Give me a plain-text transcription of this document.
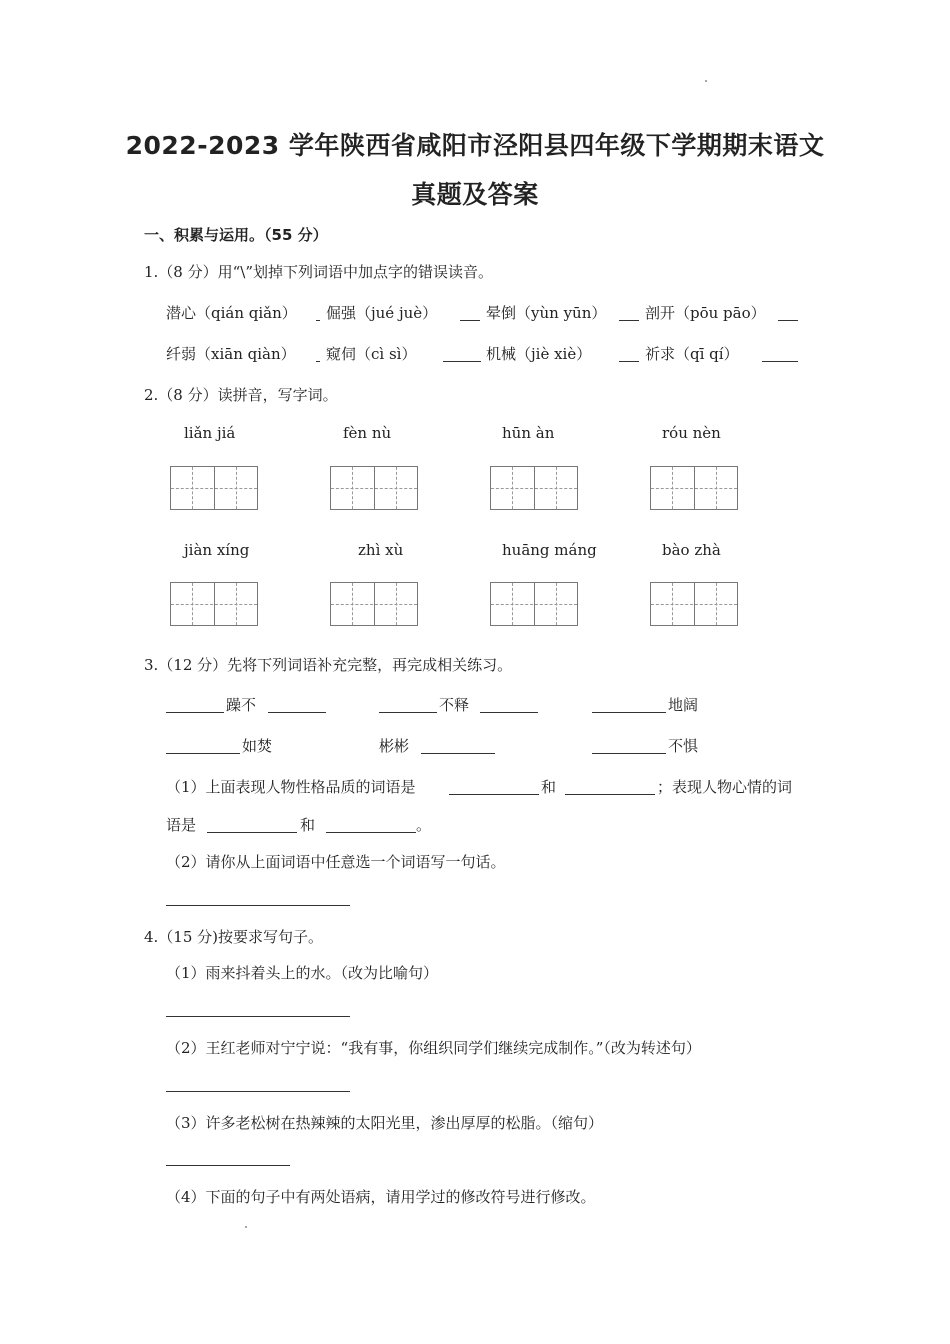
2022-2023 学年陕西省咸阳市泾阳县四年级下学期期末语文
真题及答案
一、积累与运用。（55 分）
1.（8 分）用“\”划掉下列词语中加点字的错误读音。
潜心（qián qiǎn） 倔强（jué juè）	晕倒（yùn yūn）	剖开（pōu pāo）
纤弱（xiān qiàn） 窥伺（cì sì）	机械（jiè xiè）	祈求（qī qí）
2.（8 分）读拼音，写字词。
liǎn jiá	fèn nù	hūn àn	róu nèn
jiàn xíng	zhì xù	huāng máng	bào zhà
3.（12 分）先将下列词语补充完整，再完成相关练习。
躁不	不释	地阔
如焚	彬彬	不惧
（1）上面表现人物性格品质的词语是	和	；表现人物心情的词
语是	和	。
（2）请你从上面词语中任意选一个词语写一句话。
4.（15 分)按要求写句子。
（1）雨来抖着头上的水。（改为比喻句）
（2）王红老师对宁宁说：“我有事，你组织同学们继续完成制作。”（改为转述句）
（3）许多老松树在热辣辣的太阳光里，渗出厚厚的松脂。（缩句）
（4）下面的句子中有两处语病，请用学过的修改符号进行修改。
